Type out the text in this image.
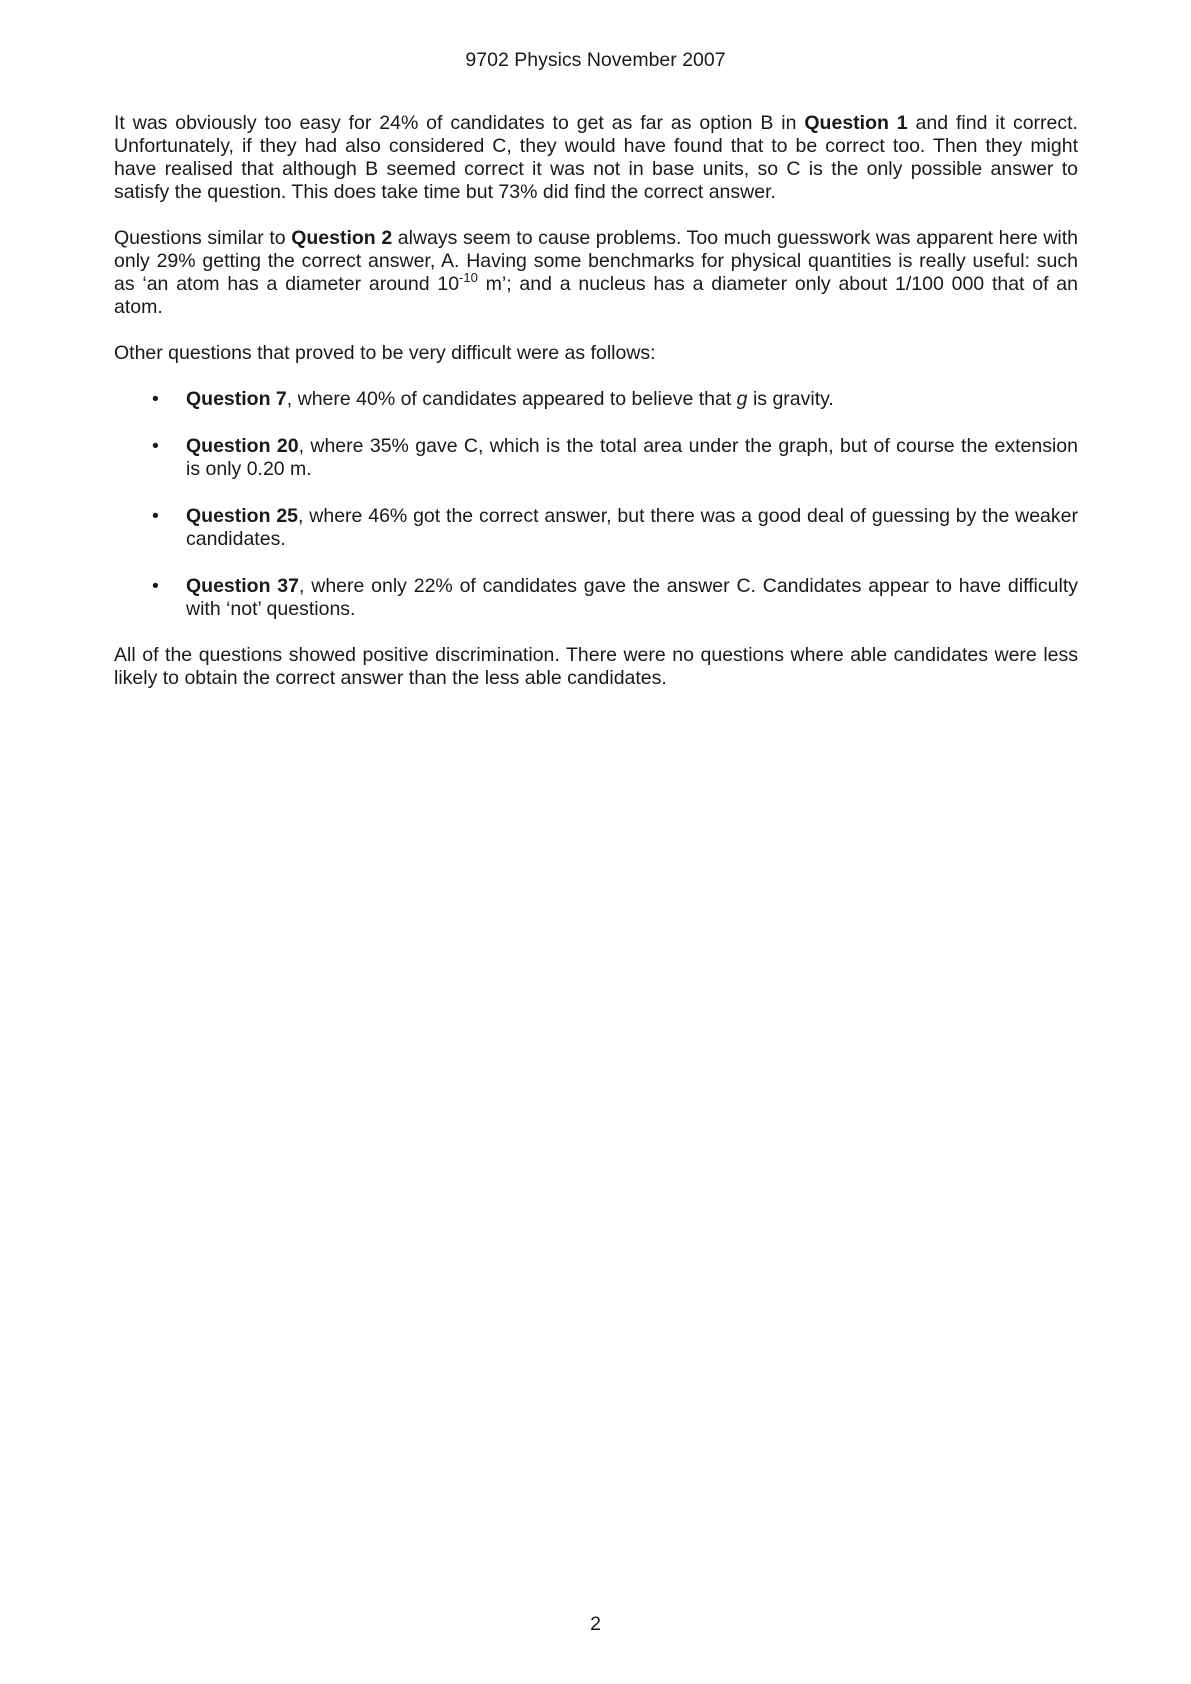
9702 Physics November 2007

It was obviously too easy for 24% of candidates to get as far as option B in Question 1 and find it correct. Unfortunately, if they had also considered C, they would have found that to be correct too. Then they might have realised that although B seemed correct it was not in base units, so C is the only possible answer to satisfy the question. This does take time but 73% did find the correct answer.

Questions similar to Question 2 always seem to cause problems. Too much guesswork was apparent here with only 29% getting the correct answer, A. Having some benchmarks for physical quantities is really useful: such as ‘an atom has a diameter around $10^{-10}$ m’; and a nucleus has a diameter only about 1/100 000 that of an atom.

Other questions that proved to be very difficult were as follows:

• Question 7, where 40% of candidates appeared to believe that g is gravity.
• Question 20, where 35% gave C, which is the total area under the graph, but of course the extension is only 0.20 m.
• Question 25, where 46% got the correct answer, but there was a good deal of guessing by the weaker candidates.
• Question 37, where only 22% of candidates gave the answer C. Candidates appear to have difficulty with ‘not’ questions.

All of the questions showed positive discrimination. There were no questions where able candidates were less likely to obtain the correct answer than the less able candidates.

2
